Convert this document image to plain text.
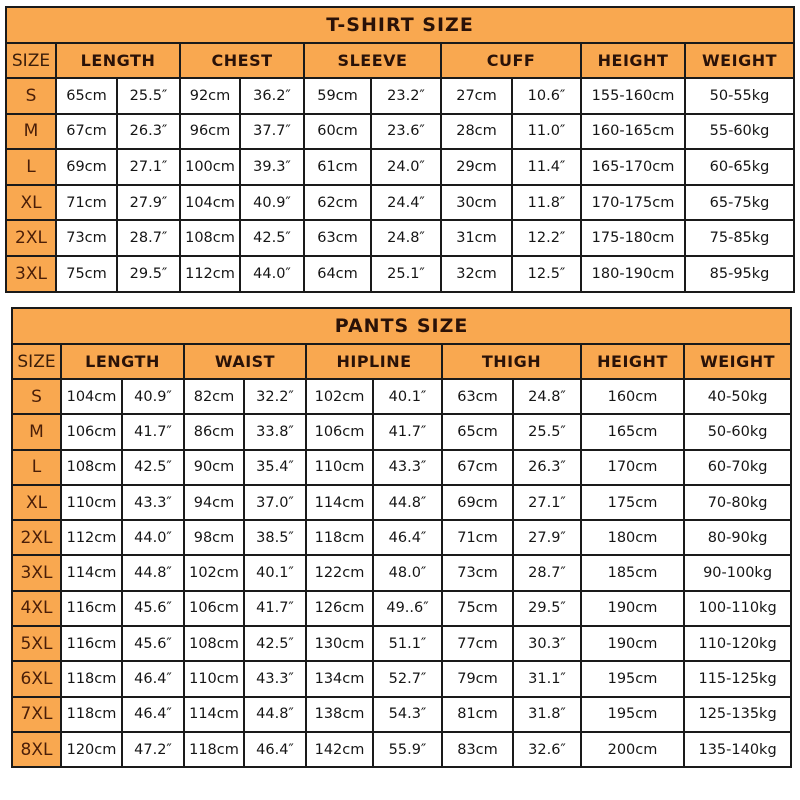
T-SHIRT SIZE										
SIZE	LENGTH		CHEST		SLEEVE		CUFF		HEIGHT	WEIGHT
S	65cm	25.5″	92cm	36.2″	59cm	23.2″	27cm	10.6″	155-160cm	50-55kg
M	67cm	26.3″	96cm	37.7″	60cm	23.6″	28cm	11.0″	160-165cm	55-60kg
L	69cm	27.1″	100cm	39.3″	61cm	24.0″	29cm	11.4″	165-170cm	60-65kg
XL	71cm	27.9″	104cm	40.9″	62cm	24.4″	30cm	11.8″	170-175cm	65-75kg
2XL	73cm	28.7″	108cm	42.5″	63cm	24.8″	31cm	12.2″	175-180cm	75-85kg
3XL	75cm	29.5″	112cm	44.0″	64cm	25.1″	32cm	12.5″	180-190cm	85-95kg
PANTS SIZE										
SIZE	LENGTH		WAIST		HIPLINE		THIGH		HEIGHT	WEIGHT
S	104cm	40.9″	82cm	32.2″	102cm	40.1″	63cm	24.8″	160cm	40-50kg
M	106cm	41.7″	86cm	33.8″	106cm	41.7″	65cm	25.5″	165cm	50-60kg
L	108cm	42.5″	90cm	35.4″	110cm	43.3″	67cm	26.3″	170cm	60-70kg
XL	110cm	43.3″	94cm	37.0″	114cm	44.8″	69cm	27.1″	175cm	70-80kg
2XL	112cm	44.0″	98cm	38.5″	118cm	46.4″	71cm	27.9″	180cm	80-90kg
3XL	114cm	44.8″	102cm	40.1″	122cm	48.0″	73cm	28.7″	185cm	90-100kg
4XL	116cm	45.6″	106cm	41.7″	126cm	49..6″	75cm	29.5″	190cm	100-110kg
5XL	116cm	45.6″	108cm	42.5″	130cm	51.1″	77cm	30.3″	190cm	110-120kg
6XL	118cm	46.4″	110cm	43.3″	134cm	52.7″	79cm	31.1″	195cm	115-125kg
7XL	118cm	46.4″	114cm	44.8″	138cm	54.3″	81cm	31.8″	195cm	125-135kg
8XL	120cm	47.2″	118cm	46.4″	142cm	55.9″	83cm	32.6″	200cm	135-140kg
